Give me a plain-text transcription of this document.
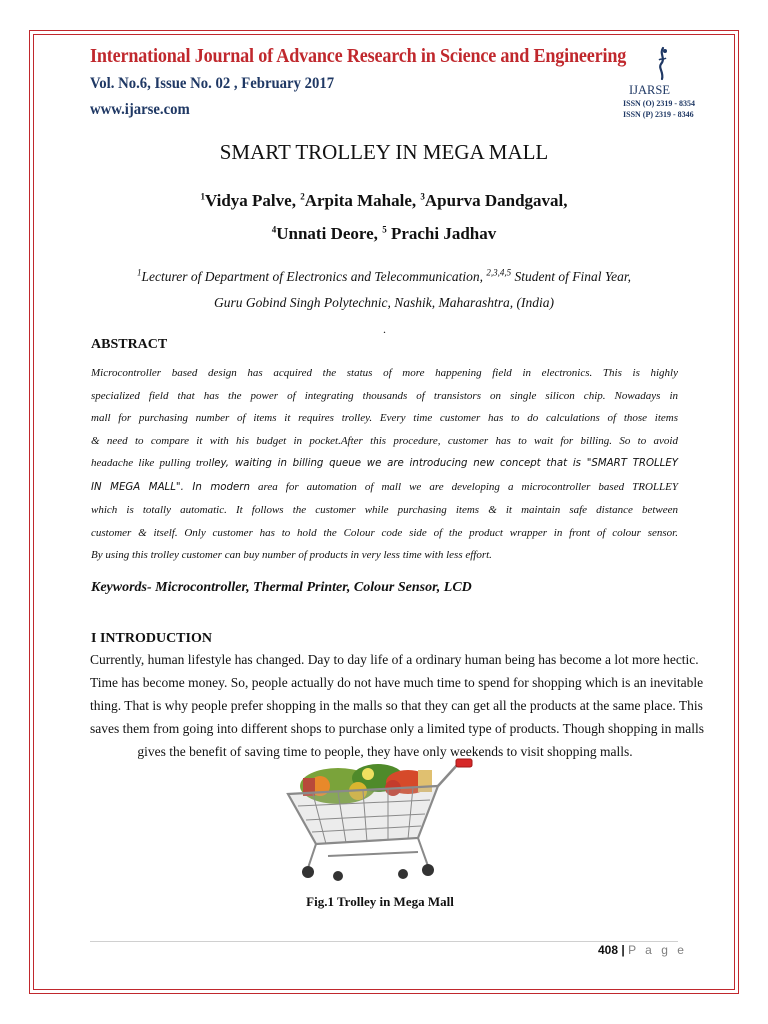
International Journal of Advance Research in Science and Engineering
Vol. No.6, Issue No. 02 , February 2017
www.ijarse.com
IJARSE
ISSN (O) 2319 - 8354
ISSN (P) 2319 - 8346
SMART TROLLEY IN MEGA MALL
$^1$Vidya Palve, $^2$Arpita Mahale, $^3$Apurva Dandgaval,
$^4$Unnati Deore, $^5$ Prachi Jadhav
$^1$Lecturer of Department of Electronics and Telecommunication, $^{2,3,4,5}$ Student of Final Year,
Guru Gobind Singh Polytechnic, Nashik, Maharashtra, (India)
.
ABSTRACT
Microcontroller based design has acquired the status of more happening field in electronics. This is highly
specialized field that has the power of integrating thousands of transistors on single silicon chip. Nowadays in
mall for purchasing number of items it requires trolley. Every time customer has to do calculations of those items
& need to compare it with his budget in pocket.After this procedure, customer has to wait for billing. So to avoid
headache like pulling trolley, waiting in billing queue we are introducing new concept that is "SMART TROLLEY
IN MEGA MALL". In modern area for automation of mall we are developing a microcontroller based TROLLEY
which is totally automatic. It follows the customer while purchasing items & it maintain safe distance between
customer & itself. Only customer has to hold the Colour code side of the product wrapper in front of colour sensor.
By using this trolley customer can buy number of products in very less time with less effort.
Keywords- Microcontroller, Thermal Printer, Colour Sensor, LCD
I INTRODUCTION
Currently, human lifestyle has changed. Day to day life of a ordinary human being has become a lot more hectic.
Time has become money. So, people actually do not have much time to spend for shopping which is an inevitable
thing. That is why people prefer shopping in the malls so that they can get all the products at the same place. This
saves them from going into different shops to purchase only a limited type of products. Though shopping in malls
gives the benefit of saving time to people, they have only weekends to visit shopping malls.
Fig.1 Trolley in Mega Mall
408 | P a g e
